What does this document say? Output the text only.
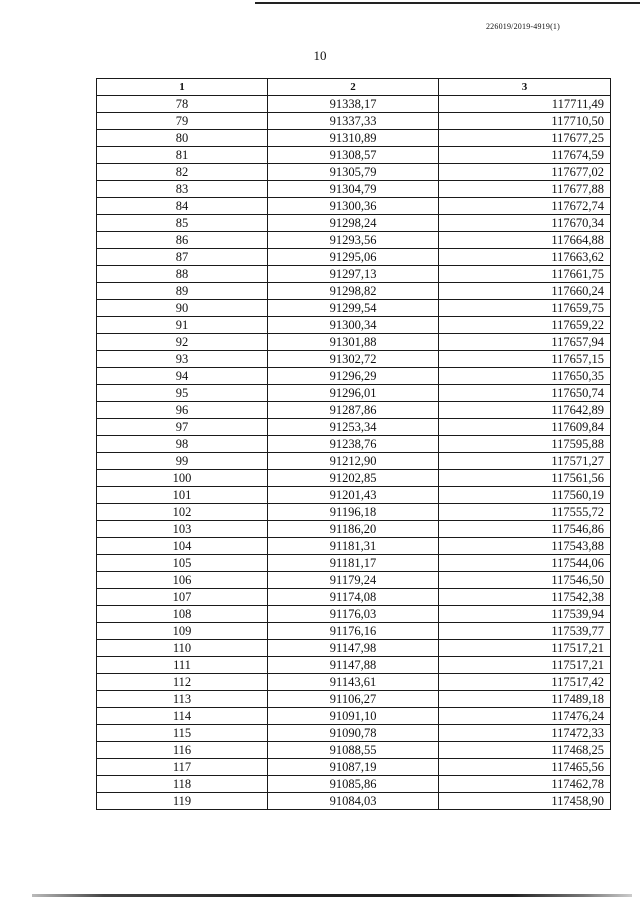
226019/2019-4919(1)
10
1	2	3
78	91338,17	117711,49
79	91337,33	117710,50
80	91310,89	117677,25
81	91308,57	117674,59
82	91305,79	117677,02
83	91304,79	117677,88
84	91300,36	117672,74
85	91298,24	117670,34
86	91293,56	117664,88
87	91295,06	117663,62
88	91297,13	117661,75
89	91298,82	117660,24
90	91299,54	117659,75
91	91300,34	117659,22
92	91301,88	117657,94
93	91302,72	117657,15
94	91296,29	117650,35
95	91296,01	117650,74
96	91287,86	117642,89
97	91253,34	117609,84
98	91238,76	117595,88
99	91212,90	117571,27
100	91202,85	117561,56
101	91201,43	117560,19
102	91196,18	117555,72
103	91186,20	117546,86
104	91181,31	117543,88
105	91181,17	117544,06
106	91179,24	117546,50
107	91174,08	117542,38
108	91176,03	117539,94
109	91176,16	117539,77
110	91147,98	117517,21
111	91147,88	117517,21
112	91143,61	117517,42
113	91106,27	117489,18
114	91091,10	117476,24
115	91090,78	117472,33
116	91088,55	117468,25
117	91087,19	117465,56
118	91085,86	117462,78
119	91084,03	117458,90
